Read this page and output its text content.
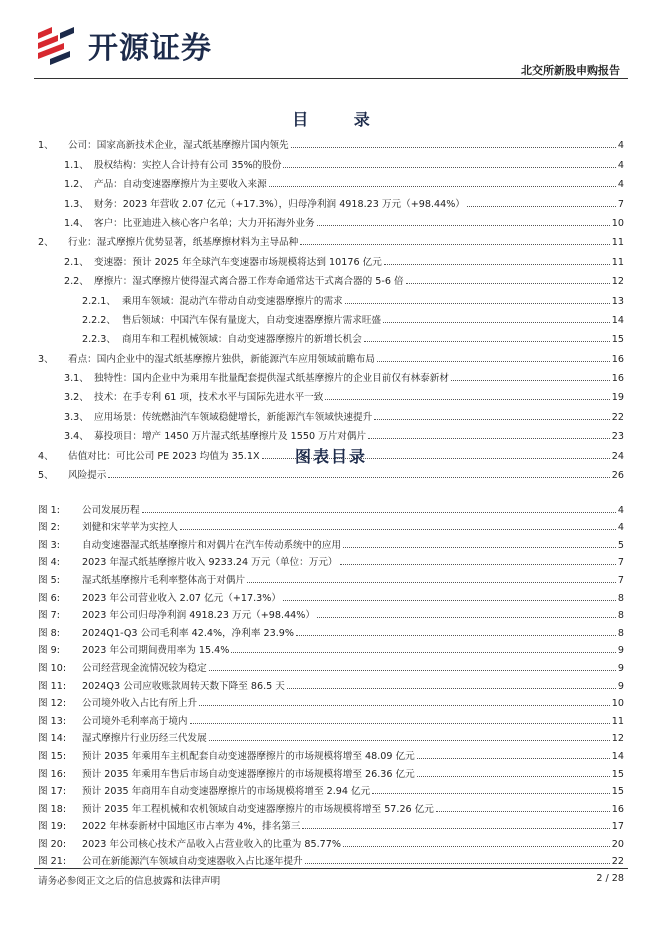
开源证券
北交所新股申购报告
目 录
1、	公司：国家高新技术企业，湿式纸基摩擦片国内领先	4
1.1、 股权结构：实控人合计持有公司 35%的股份	4
1.2、 产品：自动变速器摩擦片为主要收入来源	4
1.3、 财务：2023 年营收 2.07 亿元（+17.3%），归母净利润 4918.23 万元（+98.44%）	7
1.4、 客户：比亚迪进入核心客户名单；大力开拓海外业务	10
2、	行业：湿式摩擦片优势显著，纸基摩擦材料为主导品种	11
2.1、 变速器：预计 2025 年全球汽车变速器市场规模将达到 10176 亿元	11
2.2、 摩擦片：湿式摩擦片使得湿式离合器工作寿命通常达干式离合器的 5-6 倍	12
2.2.1、 乘用车领域：混动汽车带动自动变速器摩擦片的需求	13
2.2.2、 售后领域：中国汽车保有量庞大，自动变速器摩擦片需求旺盛	14
2.2.3、 商用车和工程机械领域：自动变速器摩擦片的新增长机会	15
3、	看点：国内企业中的湿式纸基摩擦片独供，新能源汽车应用领域前瞻布局	16
3.1、 独特性：国内企业中为乘用车批量配套提供湿式纸基摩擦片的企业目前仅有林泰新材	16
3.2、 技术：在手专利 61 项，技术水平与国际先进水平一致	19
3.3、 应用场景：传统燃油汽车领域稳健增长，新能源汽车领域快速提升	22
3.4、 募投项目：增产 1450 万片湿式纸基摩擦片及 1550 万片对偶片	23
4、	估值对比：可比公司 PE 2023 均值为 35.1X	24
5、	风险提示	26
图表目录
图 1:	公司发展历程	4
图 2:	刘健和宋苹苹为实控人	4
图 3:	自动变速器湿式纸基摩擦片和对偶片在汽车传动系统中的应用	5
图 4:	2023 年湿式纸基摩擦片收入 9233.24 万元（单位：万元）	7
图 5:	湿式纸基摩擦片毛利率整体高于对偶片	7
图 6:	2023 年公司营业收入 2.07 亿元（+17.3%）	8
图 7:	2023 年公司归母净利润 4918.23 万元（+98.44%）	8
图 8:	2024Q1-Q3 公司毛利率 42.4%，净利率 23.9%	8
图 9:	2023 年公司期间费用率为 15.4%	9
图 10:	公司经营现金流情况较为稳定	9
图 11:	2024Q3 公司应收账款周转天数下降至 86.5 天	9
图 12:	公司境外收入占比有所上升	10
图 13:	公司境外毛利率高于境内	11
图 14:	湿式摩擦片行业历经三代发展	12
图 15:	预计 2035 年乘用车主机配套自动变速器摩擦片的市场规模将增至 48.09 亿元	14
图 16:	预计 2035 年乘用车售后市场自动变速器摩擦片的市场规模将增至 26.36 亿元	15
图 17:	预计 2035 年商用车自动变速器摩擦片的市场规模将增至 2.94 亿元	15
图 18:	预计 2035 年工程机械和农机领域自动变速器摩擦片的市场规模将增至 57.26 亿元	16
图 19:	2022 年林泰新材中国地区市占率为 4%，排名第三	17
图 20:	2023 年公司核心技术产品收入占营业收入的比重为 85.77%	20
图 21:	公司在新能源汽车领域自动变速器收入占比逐年提升	22
请务必参阅正文之后的信息披露和法律声明	2 / 28
